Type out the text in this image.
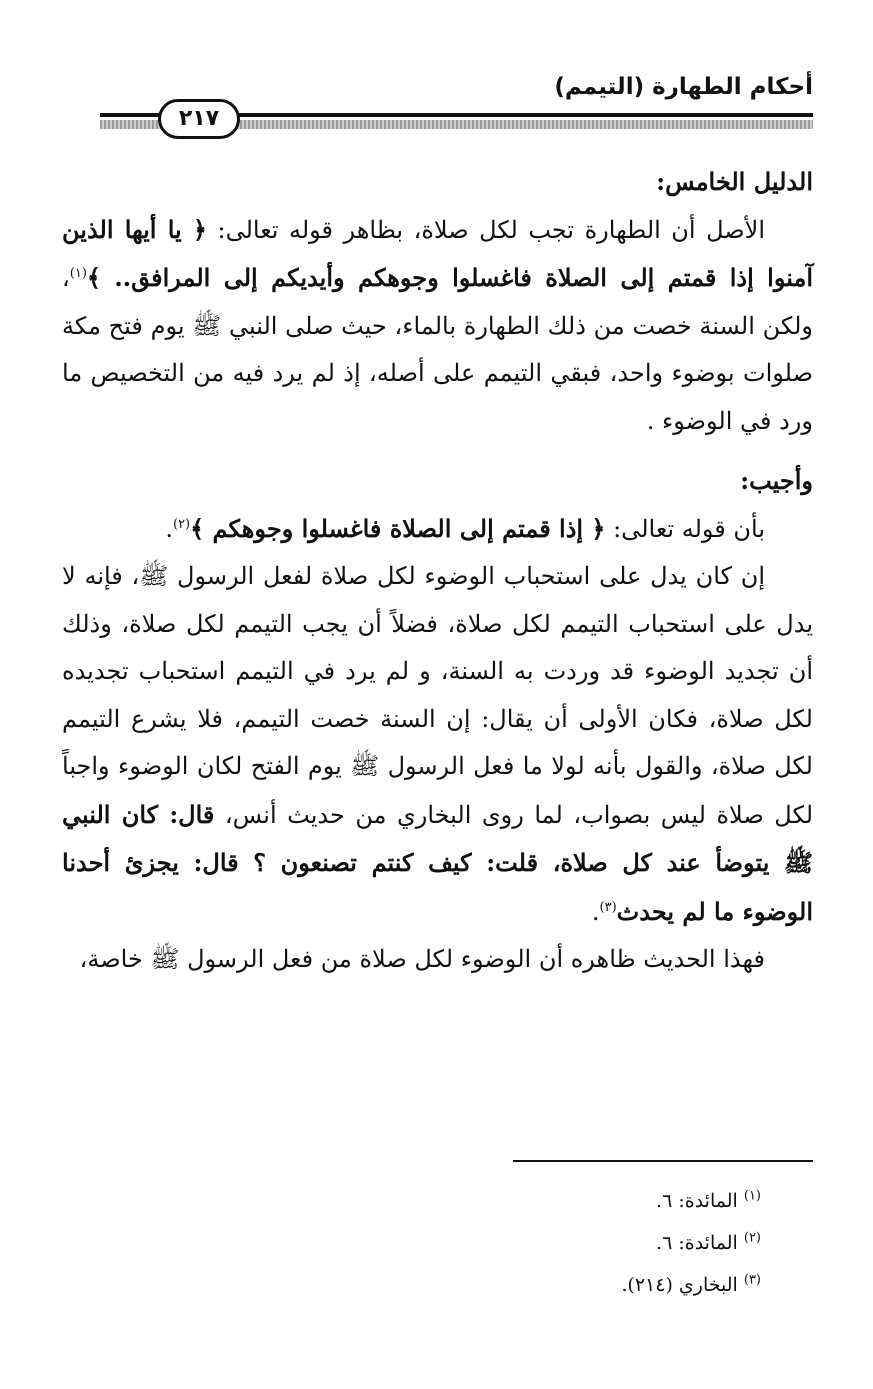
أحكام الطهارة (التيمم)
٢١٧

الدليل الخامس:

الأصل أن الطهارة تجب لكل صلاة، بظاهر قوله تعالى: ﴿ يا أيها الذين آمنوا إذا قمتم إلى الصلاة فاغسلوا وجوهكم وأيديكم إلى المرافق.. ﴾$^{(١)}$، ولكن السنة خصت من ذلك الطهارة بالماء، حيث صلى النبي ﷺ يوم فتح مكة صلوات بوضوء واحد، فبقي التيمم على أصله، إذ لم يرد فيه من التخصيص ما ورد في الوضوء .

وأجيب:

بأن قوله تعالى: ﴿ إذا قمتم إلى الصلاة فاغسلوا وجوهكم ﴾$^{(٢)}$.

إن كان يدل على استحباب الوضوء لكل صلاة لفعل الرسول ﷺ، فإنه لا يدل على استحباب التيمم لكل صلاة، فضلاً أن يجب التيمم لكل صلاة، وذلك أن تجديد الوضوء قد وردت به السنة، و لم يرد في التيمم استحباب تجديده لكل صلاة، فكان الأولى أن يقال: إن السنة خصت التيمم، فلا يشرع التيمم لكل صلاة، والقول بأنه لولا ما فعل الرسول ﷺ يوم الفتح لكان الوضوء واجباً لكل صلاة ليس بصواب، لما روى البخاري من حديث أنس، قال: كان النبي ﷺ يتوضأ عند كل صلاة، قلت: كيف كنتم تصنعون ؟ قال: يجزئ أحدنا الوضوء ما لم يحدث$^{(٣)}$.

فهذا الحديث ظاهره أن الوضوء لكل صلاة من فعل الرسول ﷺ خاصة،

$^{(١)}$ المائدة: ٦.

$^{(٢)}$ المائدة: ٦.

$^{(٣)}$ البخاري (٢١٤).
